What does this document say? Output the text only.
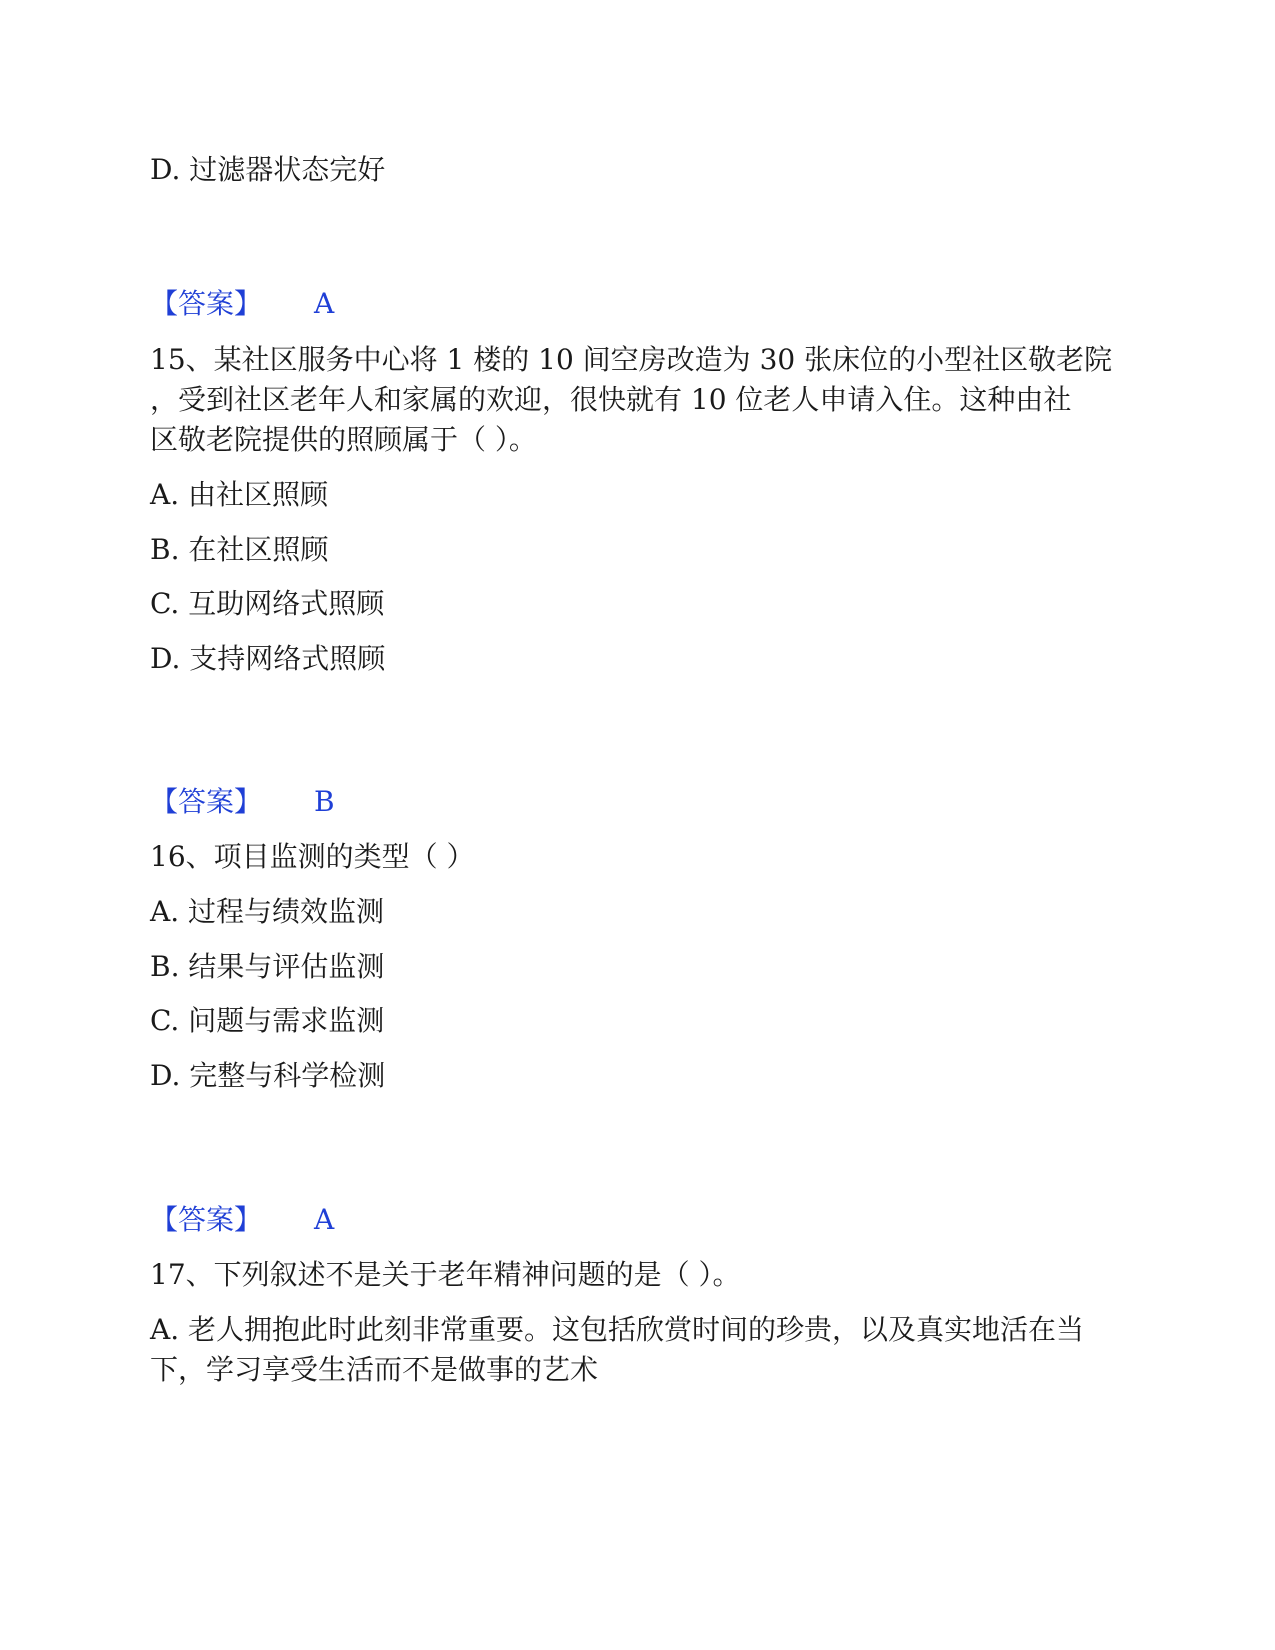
D. 过滤器状态完好

【答案】 A

15、某社区服务中心将 1 楼的 10 间空房改造为 30 张床位的小型社区敬老院

，受到社区老年人和家属的欢迎，很快就有 10 位老人申请入住。这种由社

区敬老院提供的照顾属于（ ）。

A. 由社区照顾

B. 在社区照顾

C. 互助网络式照顾

D. 支持网络式照顾

【答案】 B

16、项目监测的类型（ ）

A. 过程与绩效监测

B. 结果与评估监测

C. 问题与需求监测

D. 完整与科学检测

【答案】 A

17、下列叙述不是关于老年精神问题的是（ ）。

A. 老人拥抱此时此刻非常重要。这包括欣赏时间的珍贵，以及真实地活在当

下，学习享受生活而不是做事的艺术
